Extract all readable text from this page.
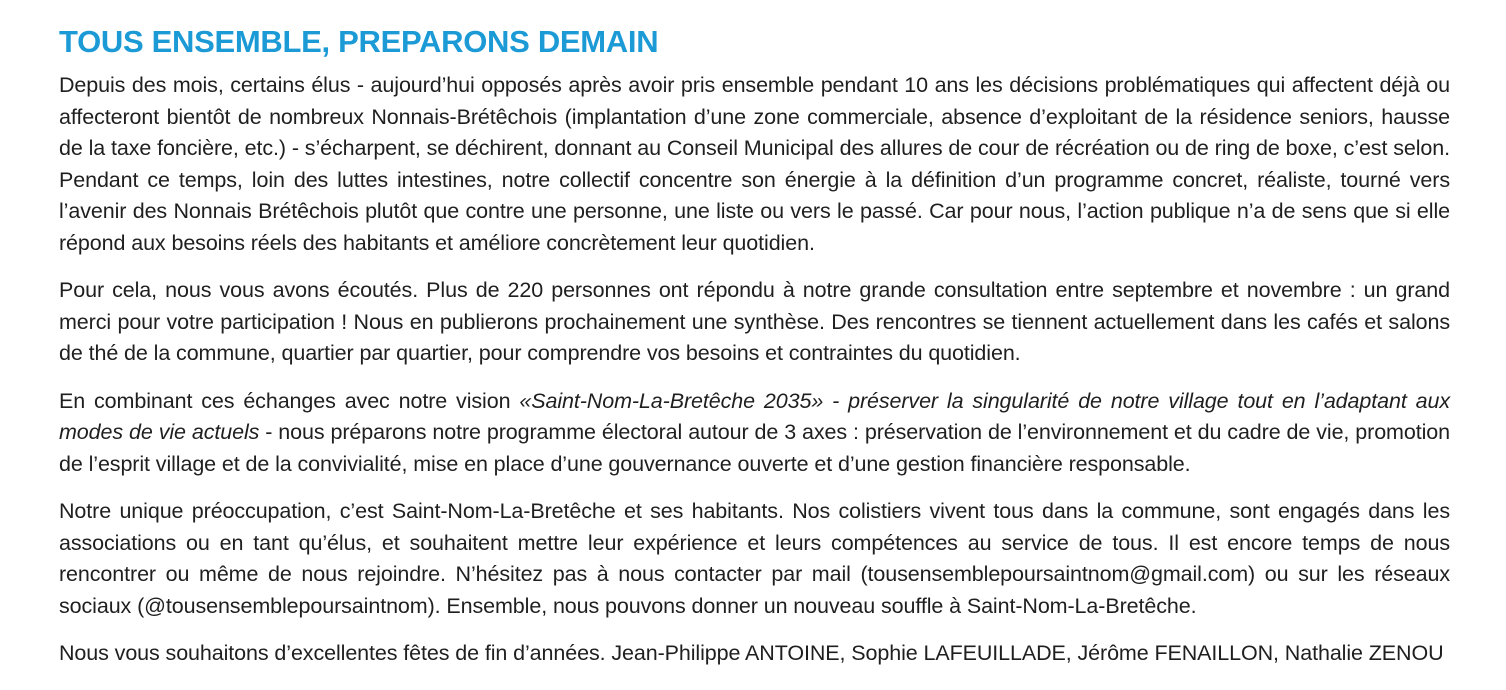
TOUS ENSEMBLE, PREPARONS DEMAIN

Depuis des mois, certains élus - aujourd’hui opposés après avoir pris ensemble pendant 10 ans les décisions problématiques qui affectent déjà ou affecteront bientôt de nombreux Nonnais-Brétêchois (implantation d’une zone commerciale, absence d’exploitant de la résidence seniors, hausse de la taxe foncière, etc.) - s’écharpent, se déchirent, donnant au Conseil Municipal des allures de cour de récréation ou de ring de boxe, c’est selon. Pendant ce temps, loin des luttes intestines, notre collectif concentre son énergie à la définition d’un programme concret, réaliste, tourné vers l’avenir des Nonnais Brétêchois plutôt que contre une personne, une liste ou vers le passé. Car pour nous, l’action publique n’a de sens que si elle répond aux besoins réels des habitants et améliore concrètement leur quotidien.

Pour cela, nous vous avons écoutés. Plus de 220 personnes ont répondu à notre grande consultation entre septembre et novembre : un grand merci pour votre participation ! Nous en publierons prochainement une synthèse. Des rencontres se tiennent actuellement dans les cafés et salons de thé de la commune, quartier par quartier, pour comprendre vos besoins et contraintes du quotidien.

En combinant ces échanges avec notre vision «Saint-Nom-La-Bretêche 2035» - préserver la singularité de notre village tout en l’adaptant aux modes de vie actuels - nous préparons notre programme électoral autour de 3 axes : préservation de l’environnement et du cadre de vie, promotion de l’esprit village et de la convivialité, mise en place d’une gouvernance ouverte et d’une gestion financière responsable.

Notre unique préoccupation, c’est Saint-Nom-La-Bretêche et ses habitants. Nos colistiers vivent tous dans la commune, sont engagés dans les associations ou en tant qu’élus, et souhaitent mettre leur expérience et leurs compétences au service de tous. Il est encore temps de nous rencontrer ou même de nous rejoindre. N’hésitez pas à nous contacter par mail (tousensemblepoursaintnom@gmail.com) ou sur les réseaux sociaux (@tousensemblepoursaintnom). Ensemble, nous pouvons donner un nouveau souffle à Saint-Nom-La-Bretêche.

Nous vous souhaitons d’excellentes fêtes de fin d’années. Jean-Philippe ANTOINE, Sophie LAFEUILLADE, Jérôme FENAILLON, Nathalie ZENOU
